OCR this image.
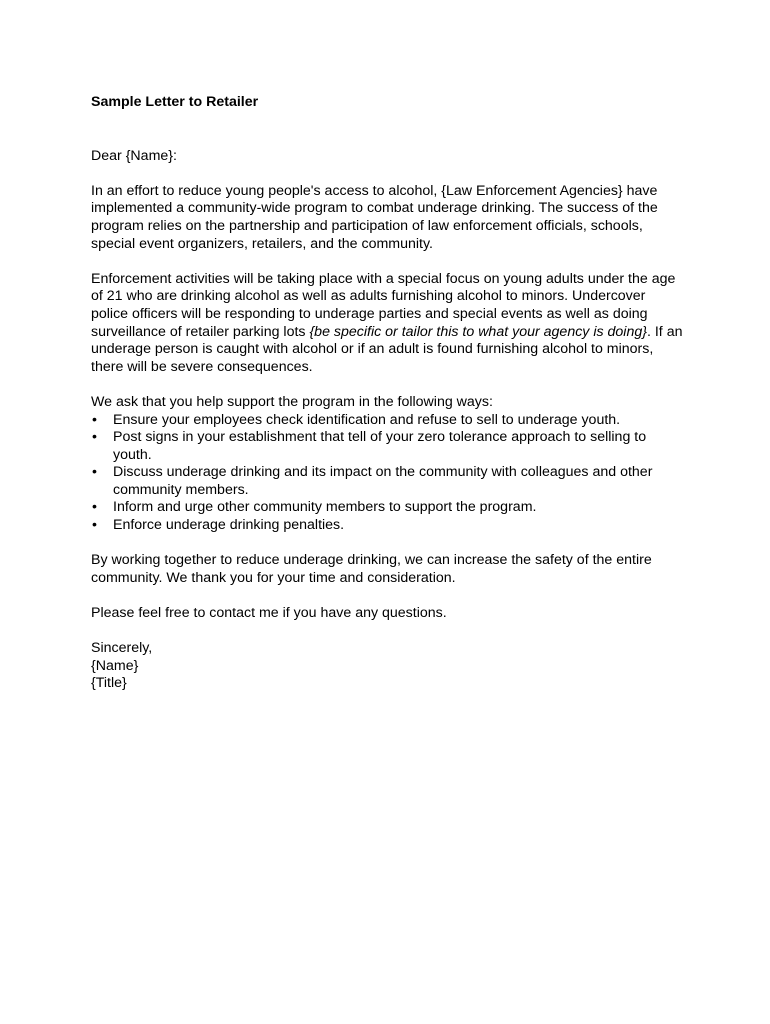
Sample Letter to Retailer

Dear {Name}:

In an effort to reduce young people's access to alcohol, {Law Enforcement Agencies} have implemented a community-wide program to combat underage drinking. The success of the program relies on the partnership and participation of law enforcement officials, schools, special event organizers, retailers, and the community.

Enforcement activities will be taking place with a special focus on young adults under the age of 21 who are drinking alcohol as well as adults furnishing alcohol to minors. Undercover police officers will be responding to underage parties and special events as well as doing surveillance of retailer parking lots {be specific or tailor this to what your agency is doing}. If an underage person is caught with alcohol or if an adult is found furnishing alcohol to minors, there will be severe consequences.

We ask that you help support the program in the following ways:

• Ensure your employees check identification and refuse to sell to underage youth.
• Post signs in your establishment that tell of your zero tolerance approach to selling to youth.
• Discuss underage drinking and its impact on the community with colleagues and other community members.
• Inform and urge other community members to support the program.
• Enforce underage drinking penalties.

By working together to reduce underage drinking, we can increase the safety of the entire community. We thank you for your time and consideration.

Please feel free to contact me if you have any questions.

Sincerely,
{Name}
{Title}
